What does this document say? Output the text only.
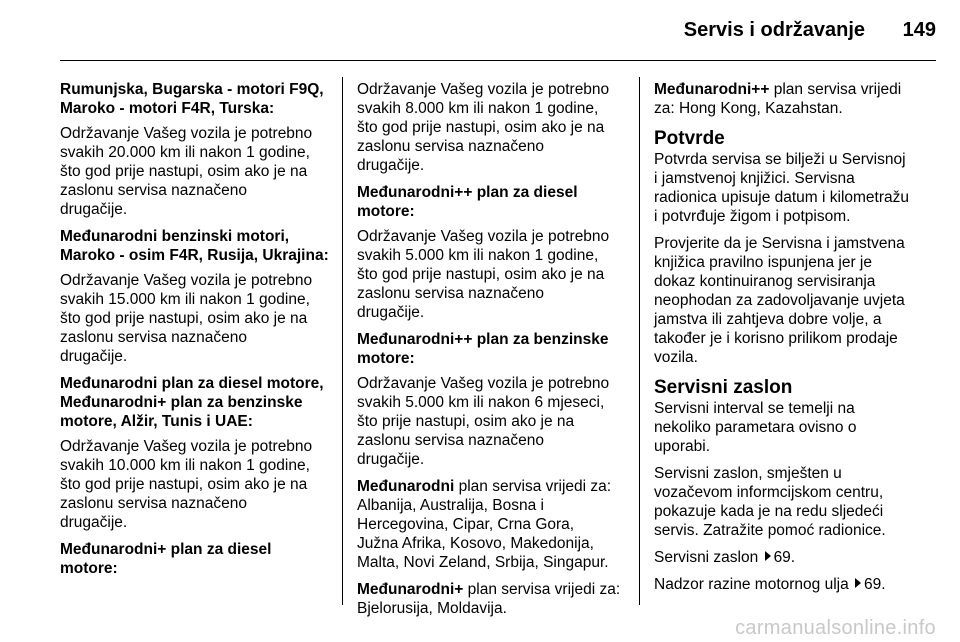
Servis i održavanje	149

Rumunjska, Bugarska - motori F9Q,
Maroko - motori F4R, Turska:

Održavanje Vašeg vozila je potrebno
svakih 20.000 km ili nakon 1 godine,
što god prije nastupi, osim ako je na
zaslonu servisa naznačeno
drugačije.

Međunarodni benzinski motori,
Maroko - osim F4R, Rusija, Ukrajina:

Održavanje Vašeg vozila je potrebno
svakih 15.000 km ili nakon 1 godine,
što god prije nastupi, osim ako je na
zaslonu servisa naznačeno
drugačije.

Međunarodni plan za diesel motore,
Međunarodni+ plan za benzinske
motore, Alžir, Tunis i UAE:

Održavanje Vašeg vozila je potrebno
svakih 10.000 km ili nakon 1 godine,
što god prije nastupi, osim ako je na
zaslonu servisa naznačeno
drugačije.

Međunarodni+ plan za diesel motore:

Održavanje Vašeg vozila je potrebno
svakih 8.000 km ili nakon 1 godine,
što god prije nastupi, osim ako je na
zaslonu servisa naznačeno
drugačije.

Međunarodni++ plan za diesel
motore:

Održavanje Vašeg vozila je potrebno
svakih 5.000 km ili nakon 1 godine,
što god prije nastupi, osim ako je na
zaslonu servisa naznačeno
drugačije.

Međunarodni++ plan za benzinske
motore:

Održavanje Vašeg vozila je potrebno
svakih 5.000 km ili nakon 6 mjeseci,
što prije nastupi, osim ako je na
zaslonu servisa naznačeno
drugačije.

Međunarodni plan servisa vrijedi za:
Albanija, Australija, Bosna i
Hercegovina, Cipar, Crna Gora,
Južna Afrika, Kosovo, Makedonija,
Malta, Novi Zeland, Srbija, Singapur.

Međunarodni+ plan servisa vrijedi za:
Bjelorusija, Moldavija.

Međunarodni++ plan servisa vrijedi
za: Hong Kong, Kazahstan.

Potvrde

Potvrda servisa se bilježi u Servisnoj
i jamstvenoj knjižici. Servisna
radionica upisuje datum i kilometražu
i potvrđuje žigom i potpisom.

Provjerite da je Servisna i jamstvena
knjižica pravilno ispunjena jer je
dokaz kontinuiranog servisiranja
neophodan za zadovoljavanje uvjeta
jamstva ili zahtjeva dobre volje, a
također je i korisno prilikom prodaje
vozila.

Servisni zaslon

Servisni interval se temelji na
nekoliko parametara ovisno o
uporabi.

Servisni zaslon, smješten u
vozačevom informcijskom centru,
pokazuje kada je na redu sljedeći
servis. Zatražite pomoć radionice.

Servisni zaslon 69.

Nadzor razine motornog ulja 69.

carmanualsonline.info
